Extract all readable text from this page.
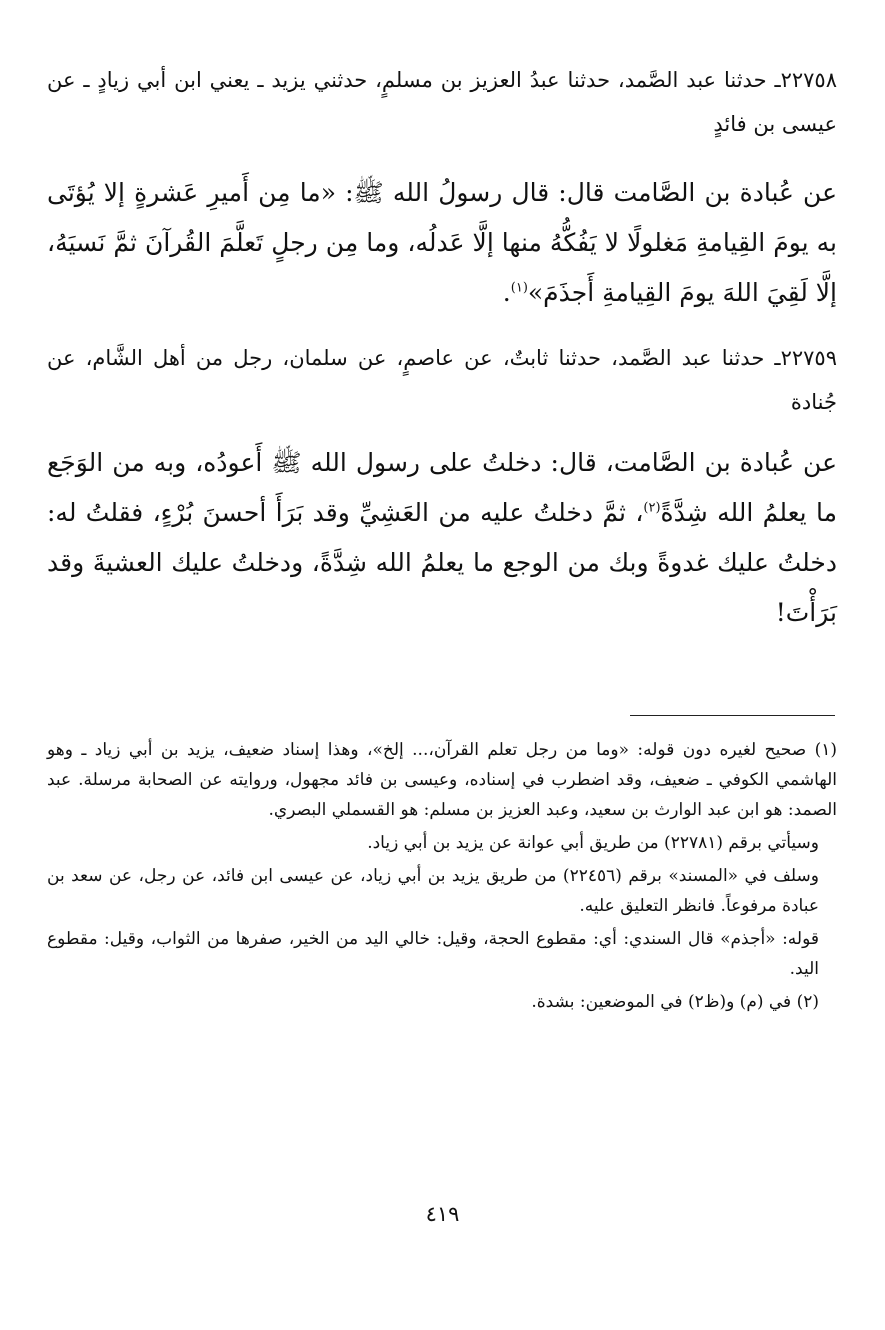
٢٢٧٥٨ـ حدثنا عبد الصَّمد، حدثنا عبدُ العزيز بن مسلمٍ، حدثني يزيد ـ يعني ابن أبي زيادٍ ـ عن عيسى بن فائدٍ

عن عُبادة بن الصَّامت قال: قال رسولُ الله ﷺ: «ما مِن أَميرِ عَشرةٍ إلا يُؤتَى به يومَ القِيامةِ مَغلولًا لا يَفُكُّهُ منها إلَّا عَدلُه، وما مِن رجلٍ تَعلَّمَ القُرآنَ ثمَّ نَسيَهُ، إلَّا لَقِيَ اللهَ يومَ القِيامةِ أَجذَمَ»$^{(١)}$.

٢٢٧٥٩ـ حدثنا عبد الصَّمد، حدثنا ثابتٌ، عن عاصمٍ، عن سلمان، رجل من أهل الشَّام، عن جُنادة

عن عُبادة بن الصَّامت، قال: دخلتُ على رسول الله ﷺ أَعودُه، وبه من الوَجَع ما يعلمُ الله شِدَّةً$^{(٢)}$، ثمَّ دخلتُ عليه من العَشِيِّ وقد بَرَأَ أحسنَ بُرْءٍ، فقلتُ له: دخلتُ عليك غدوةً وبك من الوجع ما يعلمُ الله شِدَّةً، ودخلتُ عليك العشيةَ وقد بَرَأْتَ!

(١) صحيح لغيره دون قوله: «وما من رجل تعلم القرآن،... إلخ»، وهذا إسناد ضعيف، يزيد بن أبي زياد ـ وهو الهاشمي الكوفي ـ ضعيف، وقد اضطرب في إسناده، وعيسى بن فائد مجهول، وروايته عن الصحابة مرسلة. عبد الصمد: هو ابن عبد الوارث بن سعيد، وعبد العزيز بن مسلم: هو القسملي البصري.

وسيأتي برقم (٢٢٧٨١) من طريق أبي عوانة عن يزيد بن أبي زياد.

وسلف في «المسند» برقم (٢٢٤٥٦) من طريق يزيد بن أبي زياد، عن عيسى ابن فائد، عن رجل، عن سعد بن عبادة مرفوعاً. فانظر التعليق عليه.

قوله: «أجذم» قال السندي: أي: مقطوع الحجة، وقيل: خالي اليد من الخير، صفرها من الثواب، وقيل: مقطوع اليد.

(٢) في (م) و(ظ٢) في الموضعين: بشدة.

٤١٩
